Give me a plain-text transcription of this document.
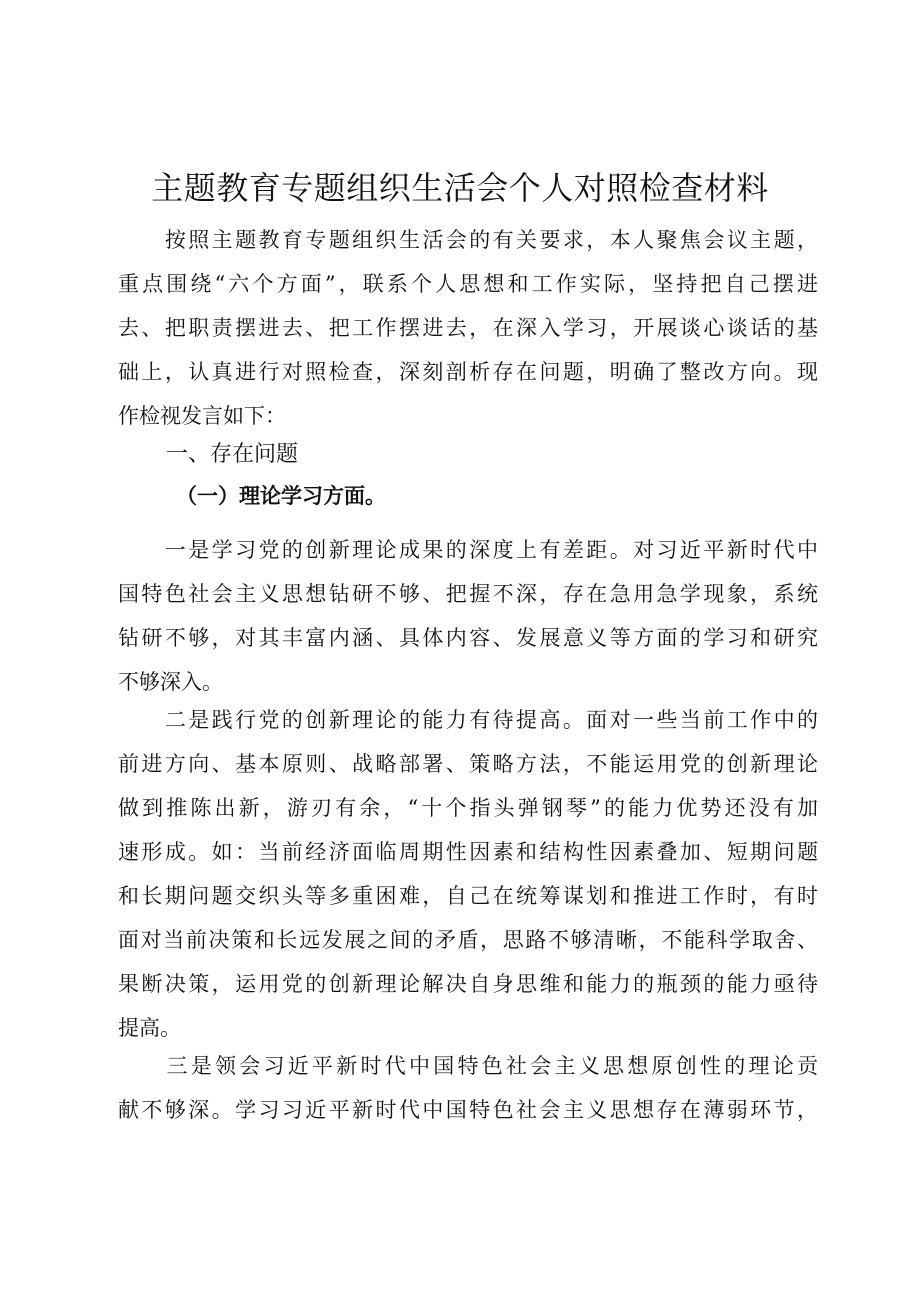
主题教育专题组织生活会个人对照检查材料
　　按照主题教育专题组织生活会的有关要求，本人聚焦会议主题，
重点围绕“六个方面”，联系个人思想和工作实际，坚持把自己摆进
去、把职责摆进去、把工作摆进去，在深入学习，开展谈心谈话的基
础上，认真进行对照检查，深刻剖析存在问题，明确了整改方向。现
作检视发言如下：
一、存在问题
（一）理论学习方面。
　　一是学习党的创新理论成果的深度上有差距。对习近平新时代中
国特色社会主义思想钻研不够、把握不深，存在急用急学现象，系统
钻研不够，对其丰富内涵、具体内容、发展意义等方面的学习和研究
不够深入。
　　二是践行党的创新理论的能力有待提高。面对一些当前工作中的
前进方向、基本原则、战略部署、策略方法，不能运用党的创新理论
做到推陈出新，游刃有余，“十个指头弹钢琴”的能力优势还没有加
速形成。如：当前经济面临周期性因素和结构性因素叠加、短期问题
和长期问题交织头等多重困难，自己在统筹谋划和推进工作时，有时
面对当前决策和长远发展之间的矛盾，思路不够清晰，不能科学取舍、
果断决策，运用党的创新理论解决自身思维和能力的瓶颈的能力亟待
提高。
　　三是领会习近平新时代中国特色社会主义思想原创性的理论贡
献不够深。学习习近平新时代中国特色社会主义思想存在薄弱环节，
